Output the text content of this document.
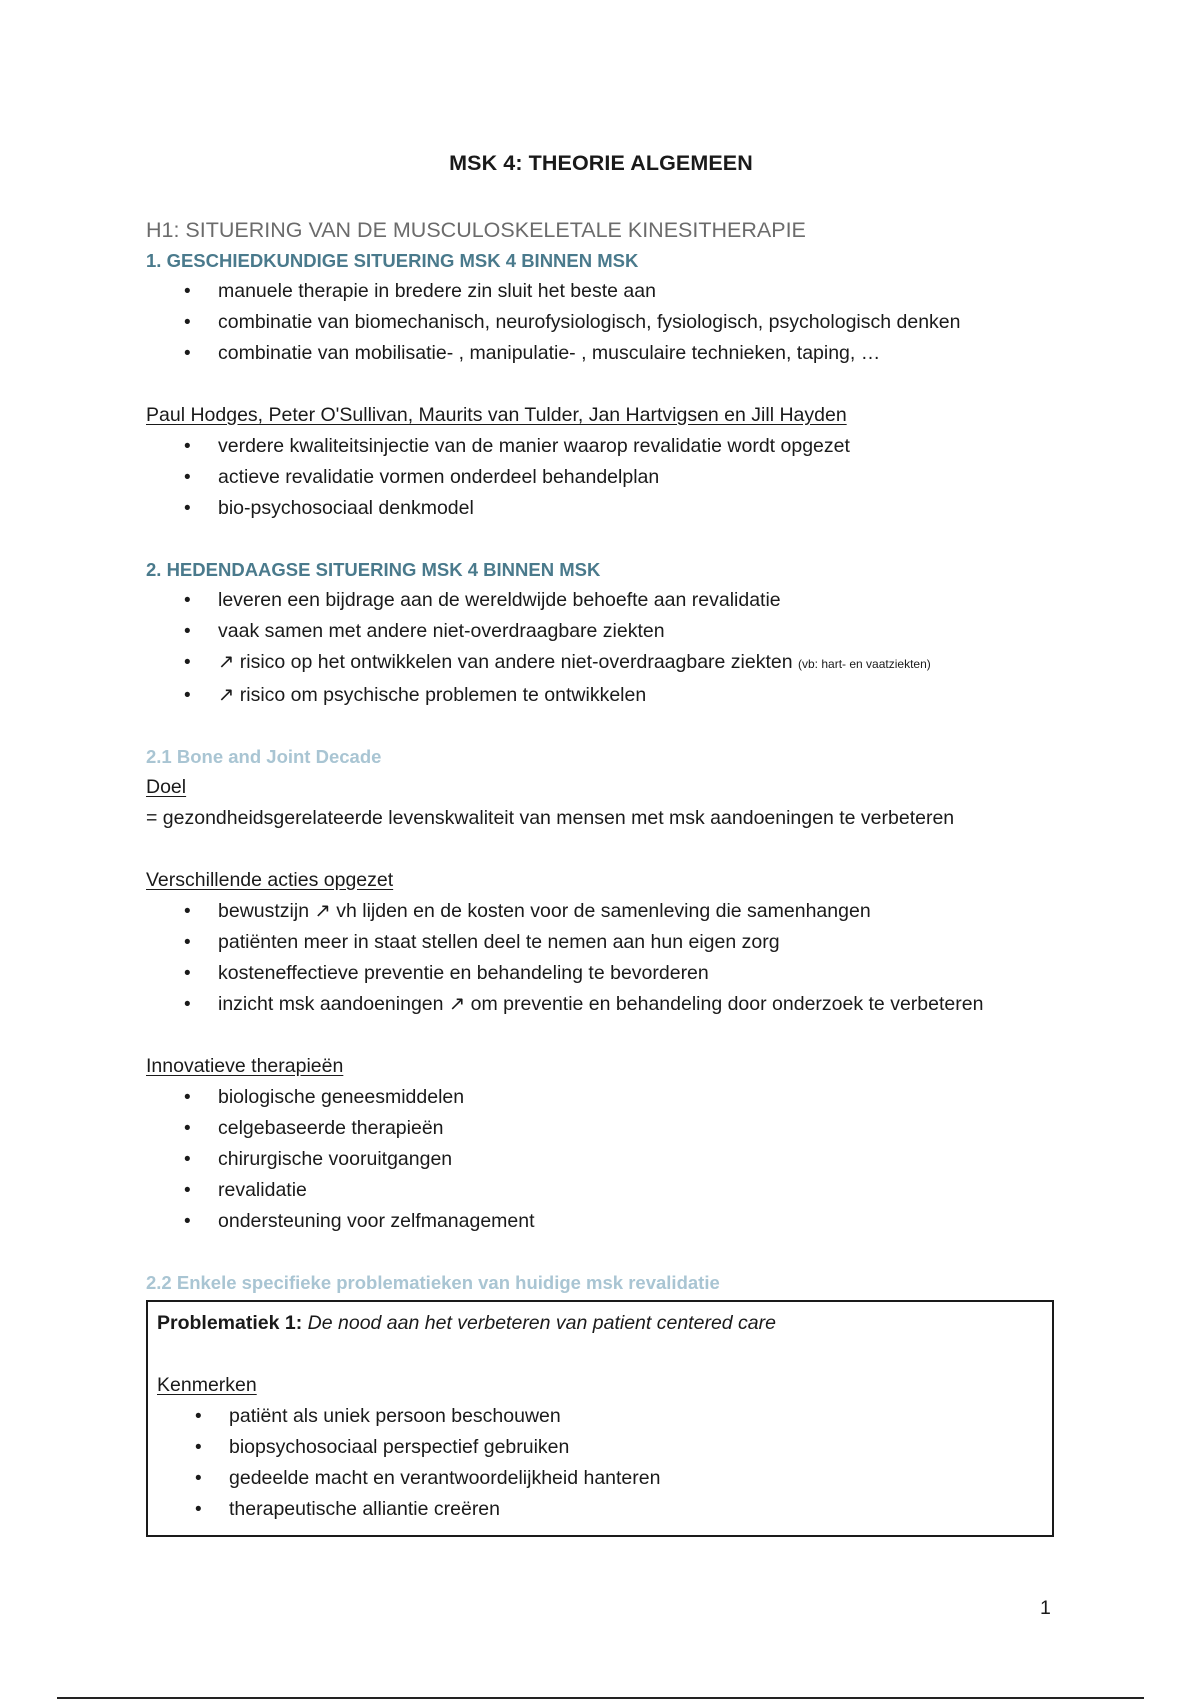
MSK 4: THEORIE ALGEMEEN
H1: SITUERING VAN DE MUSCULOSKELETALE KINESITHERAPIE
1. GESCHIEDKUNDIGE SITUERING MSK 4 BINNEN MSK
• manuele therapie in bredere zin sluit het beste aan
• combinatie van biomechanisch, neurofysiologisch, fysiologisch, psychologisch denken
• combinatie van mobilisatie- , manipulatie- , musculaire technieken, taping, …
Paul Hodges, Peter O'Sullivan, Maurits van Tulder, Jan Hartvigsen en Jill Hayden
• verdere kwaliteitsinjectie van de manier waarop revalidatie wordt opgezet
• actieve revalidatie vormen onderdeel behandelplan
• bio-psychosociaal denkmodel
2. HEDENDAAGSE SITUERING MSK 4 BINNEN MSK
• leveren een bijdrage aan de wereldwijde behoefte aan revalidatie
• vaak samen met andere niet-overdraagbare ziekten
• ↗ risico op het ontwikkelen van andere niet-overdraagbare ziekten (vb: hart- en vaatziekten)
• ↗ risico om psychische problemen te ontwikkelen
2.1 Bone and Joint Decade
Doel
= gezondheidsgerelateerde levenskwaliteit van mensen met msk aandoeningen te verbeteren
Verschillende acties opgezet
• bewustzijn ↗ vh lijden en de kosten voor de samenleving die samenhangen
• patiënten meer in staat stellen deel te nemen aan hun eigen zorg
• kosteneffectieve preventie en behandeling te bevorderen
• inzicht msk aandoeningen ↗ om preventie en behandeling door onderzoek te verbeteren
Innovatieve therapieën
• biologische geneesmiddelen
• celgebaseerde therapieën
• chirurgische vooruitgangen
• revalidatie
• ondersteuning voor zelfmanagement
2.2 Enkele specifieke problematieken van huidige msk revalidatie
Problematiek 1: De nood aan het verbeteren van patient centered care
Kenmerken
• patiënt als uniek persoon beschouwen
• biopsychosociaal perspectief gebruiken
• gedeelde macht en verantwoordelijkheid hanteren
• therapeutische alliantie creëren
1
